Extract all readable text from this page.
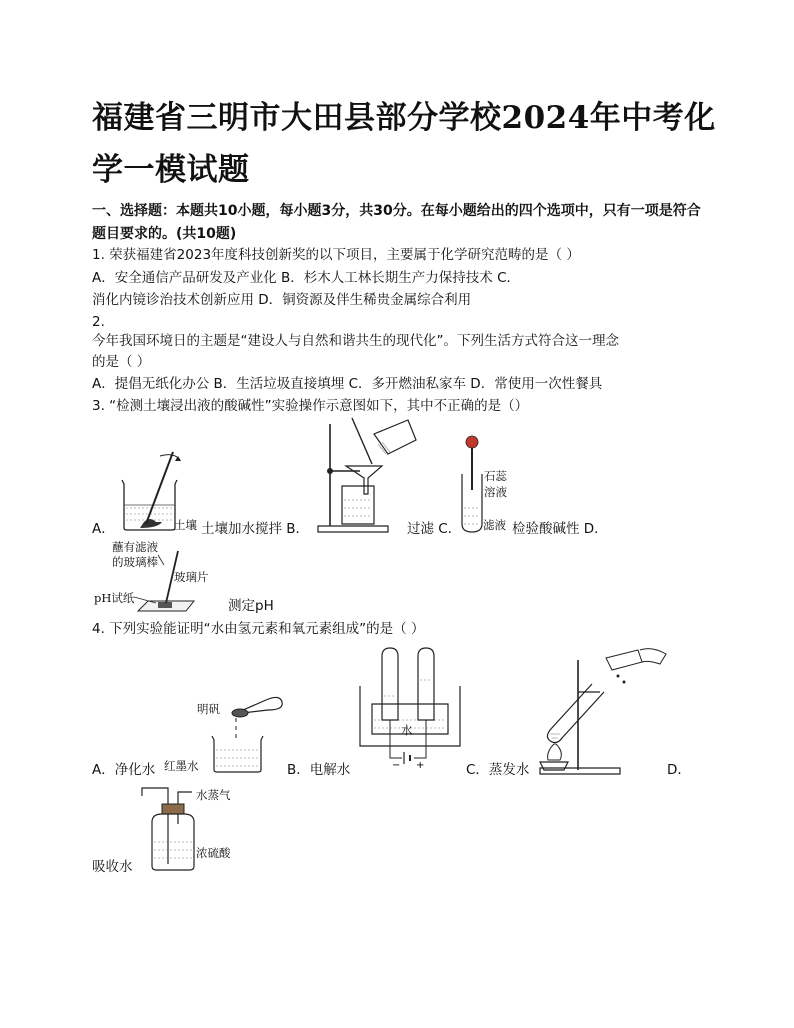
福建省三明市大田县部分学校2024年中考化学一模试题
一、选择题：本题共10小题，每小题3分，共30分。在每小题给出的四个选项中，只有一项是符合题目要求的。(共10题)
1. 荣获福建省2023年度科技创新奖的以下项目，主要属于化学研究范畴的是（ ）
A．安全通信产品研发及产业化 B．杉木人工林长期生产力保持技术 C．
消化内镜诊治技术创新应用 D．铜资源及伴生稀贵金属综合利用
2.
今年我国环境日的主题是“建设人与自然和谐共生的现代化”。下列生活方式符合这一理念
的是（ ）
A．提倡无纸化办公 B．生活垃圾直接填埋 C．多开燃油私家车 D．常使用一次性餐具
3. “检测土壤浸出液的酸碱性”实验操作示意图如下，其中不正确的是（）
A．	土壤 土壤加水搅拌 B．	过滤 C．
石蕊溶液
滤液 检验酸碱性 D．
蘸有滤液的玻璃棒
玻璃片
pH试纸	测定pH
4. 下列实验能证明“水由氢元素和氧元素组成”的是（ ）
明矾
A．净化水 红墨水	− +
水
B．电解水	C．蒸发水	D．
水蒸气
浓硫酸
吸收水
